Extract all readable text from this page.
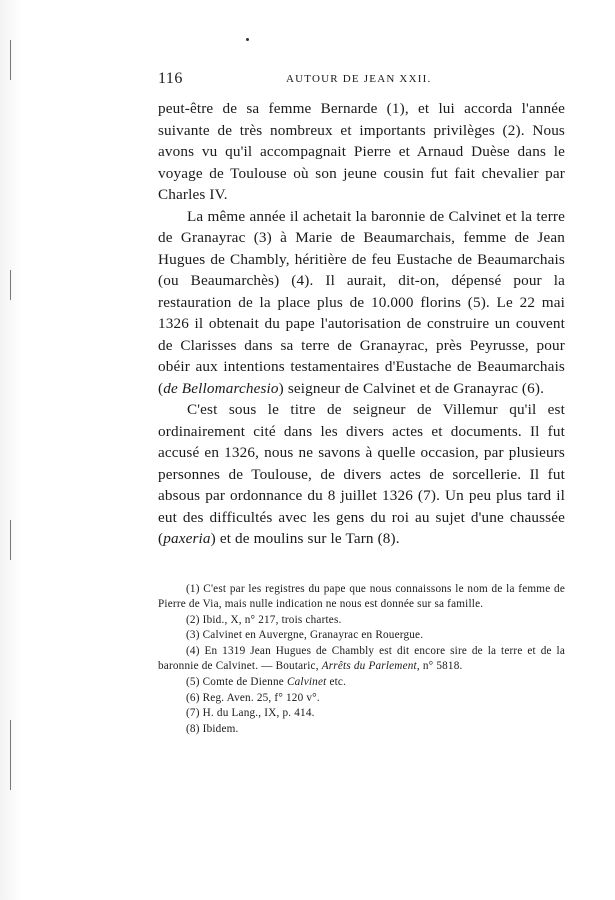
116	AUTOUR DE JEAN XXII.

peut-être de sa femme Bernarde (1), et lui accorda l'année suivante de très nombreux et importants privilèges (2). Nous avons vu qu'il accompagnait Pierre et Arnaud Duèse dans le voyage de Toulouse où son jeune cousin fut fait chevalier par Charles IV.

La même année il achetait la baronnie de Calvinet et la terre de Granayrac (3) à Marie de Beaumarchais, femme de Jean Hugues de Chambly, héritière de feu Eustache de Beaumarchais (ou Beaumarchès) (4). Il aurait, dit-on, dépensé pour la restauration de la place plus de 10.000 florins (5). Le 22 mai 1326 il obtenait du pape l'autorisation de construire un couvent de Clarisses dans sa terre de Granayrac, près Peyrusse, pour obéir aux intentions testamentaires d'Eustache de Beaumarchais (de Bellomarchesio) seigneur de Calvinet et de Granayrac (6).

C'est sous le titre de seigneur de Villemur qu'il est ordinairement cité dans les divers actes et documents. Il fut accusé en 1326, nous ne savons à quelle occasion, par plusieurs personnes de Toulouse, de divers actes de sorcellerie. Il fut absous par ordonnance du 8 juillet 1326 (7). Un peu plus tard il eut des difficultés avec les gens du roi au sujet d'une chaussée (paxeria) et de moulins sur le Tarn (8).

(1) C'est par les registres du pape que nous connaissons le nom de la femme de Pierre de Via, mais nulle indication ne nous est donnée sur sa famille.

(2) Ibid., X, n° 217, trois chartes.

(3) Calvinet en Auvergne, Granayrac en Rouergue.

(4) En 1319 Jean Hugues de Chambly est dit encore sire de la terre et de la baronnie de Calvinet. — Boutaric, Arrêts du Parlement, n° 5818.

(5) Comte de Dienne Calvinet etc.

(6) Reg. Aven. 25, f° 120 v°.

(7) H. du Lang., IX, p. 414.

(8) Ibidem.
